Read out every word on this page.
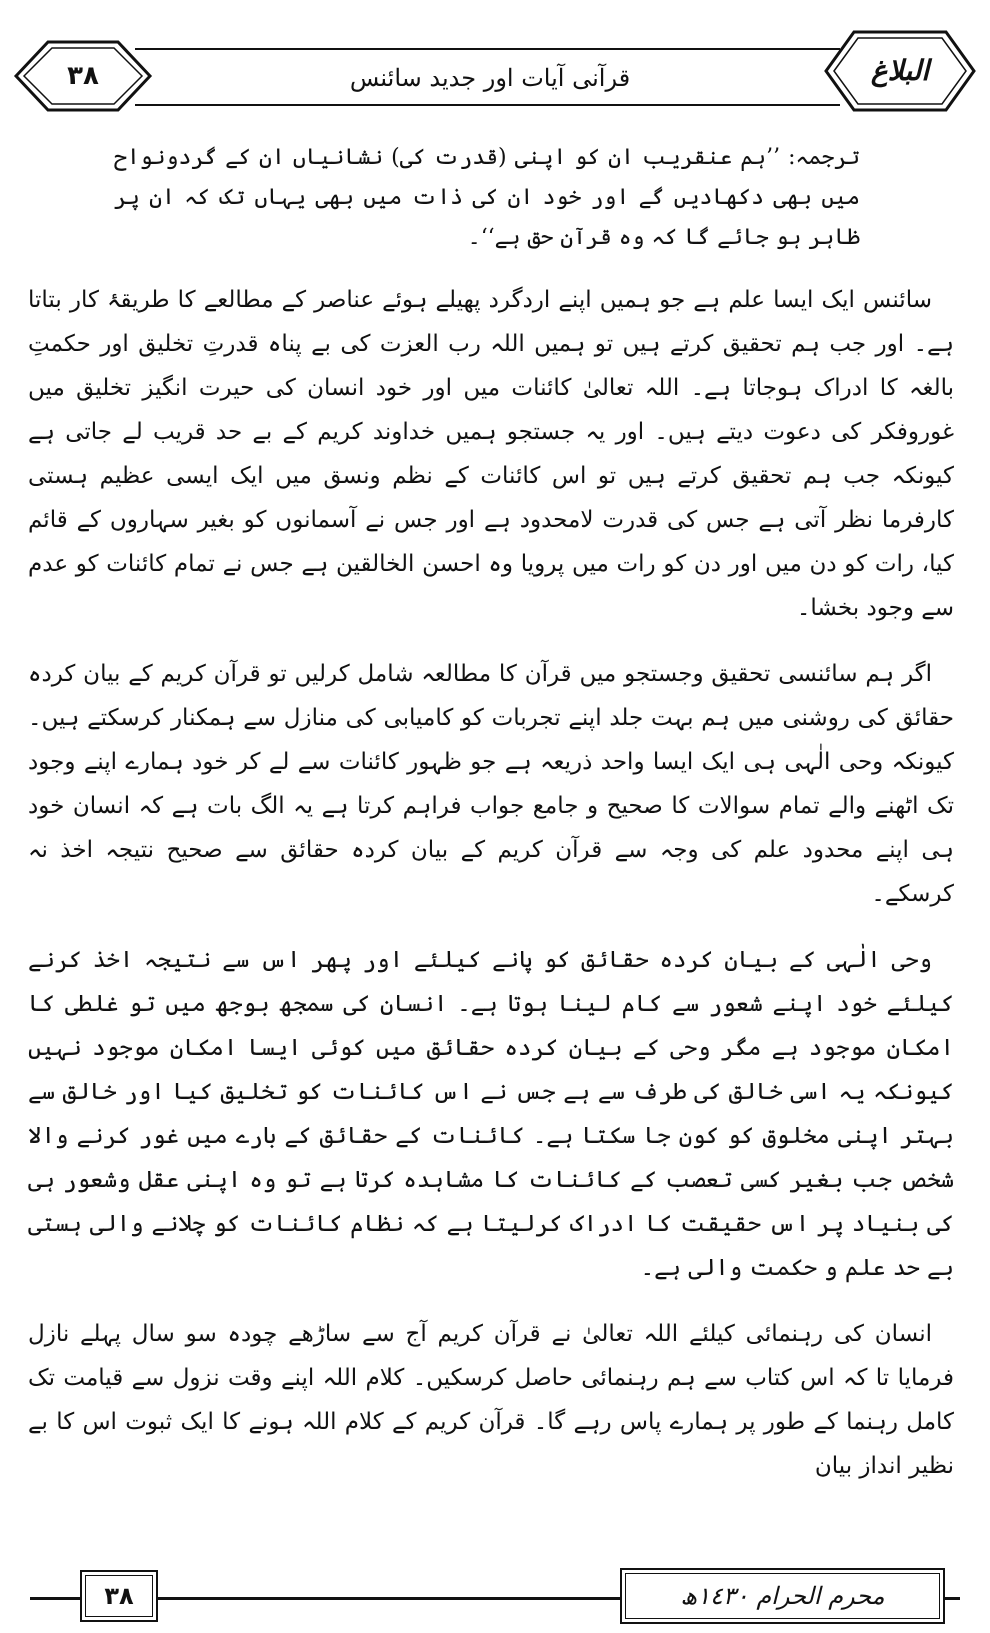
٣٨	قرآنی آیات اور جدید سائنس	البلاغ

ترجمہ: ’’ہم عنقریب ان کو اپنی (قدرت کی) نشانیاں ان کے گردونواح میں بھی دکھادیں گے اور خود ان کی ذات میں بھی یہاں تک کہ ان پر ظاہر ہو جائے گا کہ وہ قرآن حق ہے‘‘۔

سائنس ایک ایسا علم ہے جو ہمیں اپنے اردگرد پھیلے ہوئے عناصر کے مطالعے کا طریقۂ کار بتاتا ہے۔ اور جب ہم تحقیق کرتے ہیں تو ہمیں اللہ رب العزت کی بے پناہ قدرتِ تخلیق اور حکمتِ بالغہ کا ادراک ہوجاتا ہے۔ اللہ تعالیٰ کائنات میں اور خود انسان کی حیرت انگیز تخلیق میں غوروفکر کی دعوت دیتے ہیں۔ اور یہ جستجو ہمیں خداوند کریم کے بے حد قریب لے جاتی ہے کیونکہ جب ہم تحقیق کرتے ہیں تو اس کائنات کے نظم ونسق میں ایک ایسی عظیم ہستی کارفرما نظر آتی ہے جس کی قدرت لامحدود ہے اور جس نے آسمانوں کو بغیر سہاروں کے قائم کیا، رات کو دن میں اور دن کو رات میں پرویا وہ احسن الخالقین ہے جس نے تمام کائنات کو عدم سے وجود بخشا۔

اگر ہم سائنسی تحقیق وجستجو میں قرآن کا مطالعہ شامل کرلیں تو قرآن کریم کے بیان کردہ حقائق کی روشنی میں ہم بہت جلد اپنے تجربات کو کامیابی کی منازل سے ہمکنار کرسکتے ہیں۔ کیونکہ وحی الٰہی ہی ایک ایسا واحد ذریعہ ہے جو ظہور کائنات سے لے کر خود ہمارے اپنے وجود تک اٹھنے والے تمام سوالات کا صحیح و جامع جواب فراہم کرتا ہے یہ الگ بات ہے کہ انسان خود ہی اپنے محدود علم کی وجہ سے قرآن کریم کے بیان کردہ حقائق سے صحیح نتیجہ اخذ نہ کرسکے۔

وحی الٰہی کے بیان کردہ حقائق کو پانے کیلئے اور پھر اس سے نتیجہ اخذ کرنے کیلئے خود اپنے شعور سے کام لینا ہوتا ہے۔ انسان کی سمجھ بوجھ میں تو غلطی کا امکان موجود ہے مگر وحی کے بیان کردہ حقائق میں کوئی ایسا امکان موجود نہیں کیونکہ یہ اسی خالق کی طرف سے ہے جس نے اس کائنات کو تخلیق کیا اور خالق سے بہتر اپنی مخلوق کو کون جا سکتا ہے۔ کائنات کے حقائق کے بارے میں غور کرنے والا شخص جب بغیر کسی تعصب کے کائنات کا مشاہدہ کرتا ہے تو وہ اپنی عقل وشعور ہی کی بنیاد پر اس حقیقت کا ادراک کرلیتا ہے کہ نظام کائنات کو چلانے والی ہستی بے حد علم و حکمت والی ہے۔

انسان کی رہنمائی کیلئے اللہ تعالیٰ نے قرآن کریم آج سے ساڑھے چودہ سو سال پہلے نازل فرمایا تا کہ اس کتاب سے ہم رہنمائی حاصل کرسکیں۔ کلام اللہ اپنے وقت نزول سے قیامت تک کامل رہنما کے طور پر ہمارے پاس رہے گا۔ قرآن کریم کے کلام اللہ ہونے کا ایک ثبوت اس کا بے نظیر انداز بیان

٣٨	محرم الحرام ١٤٣٠ھ
